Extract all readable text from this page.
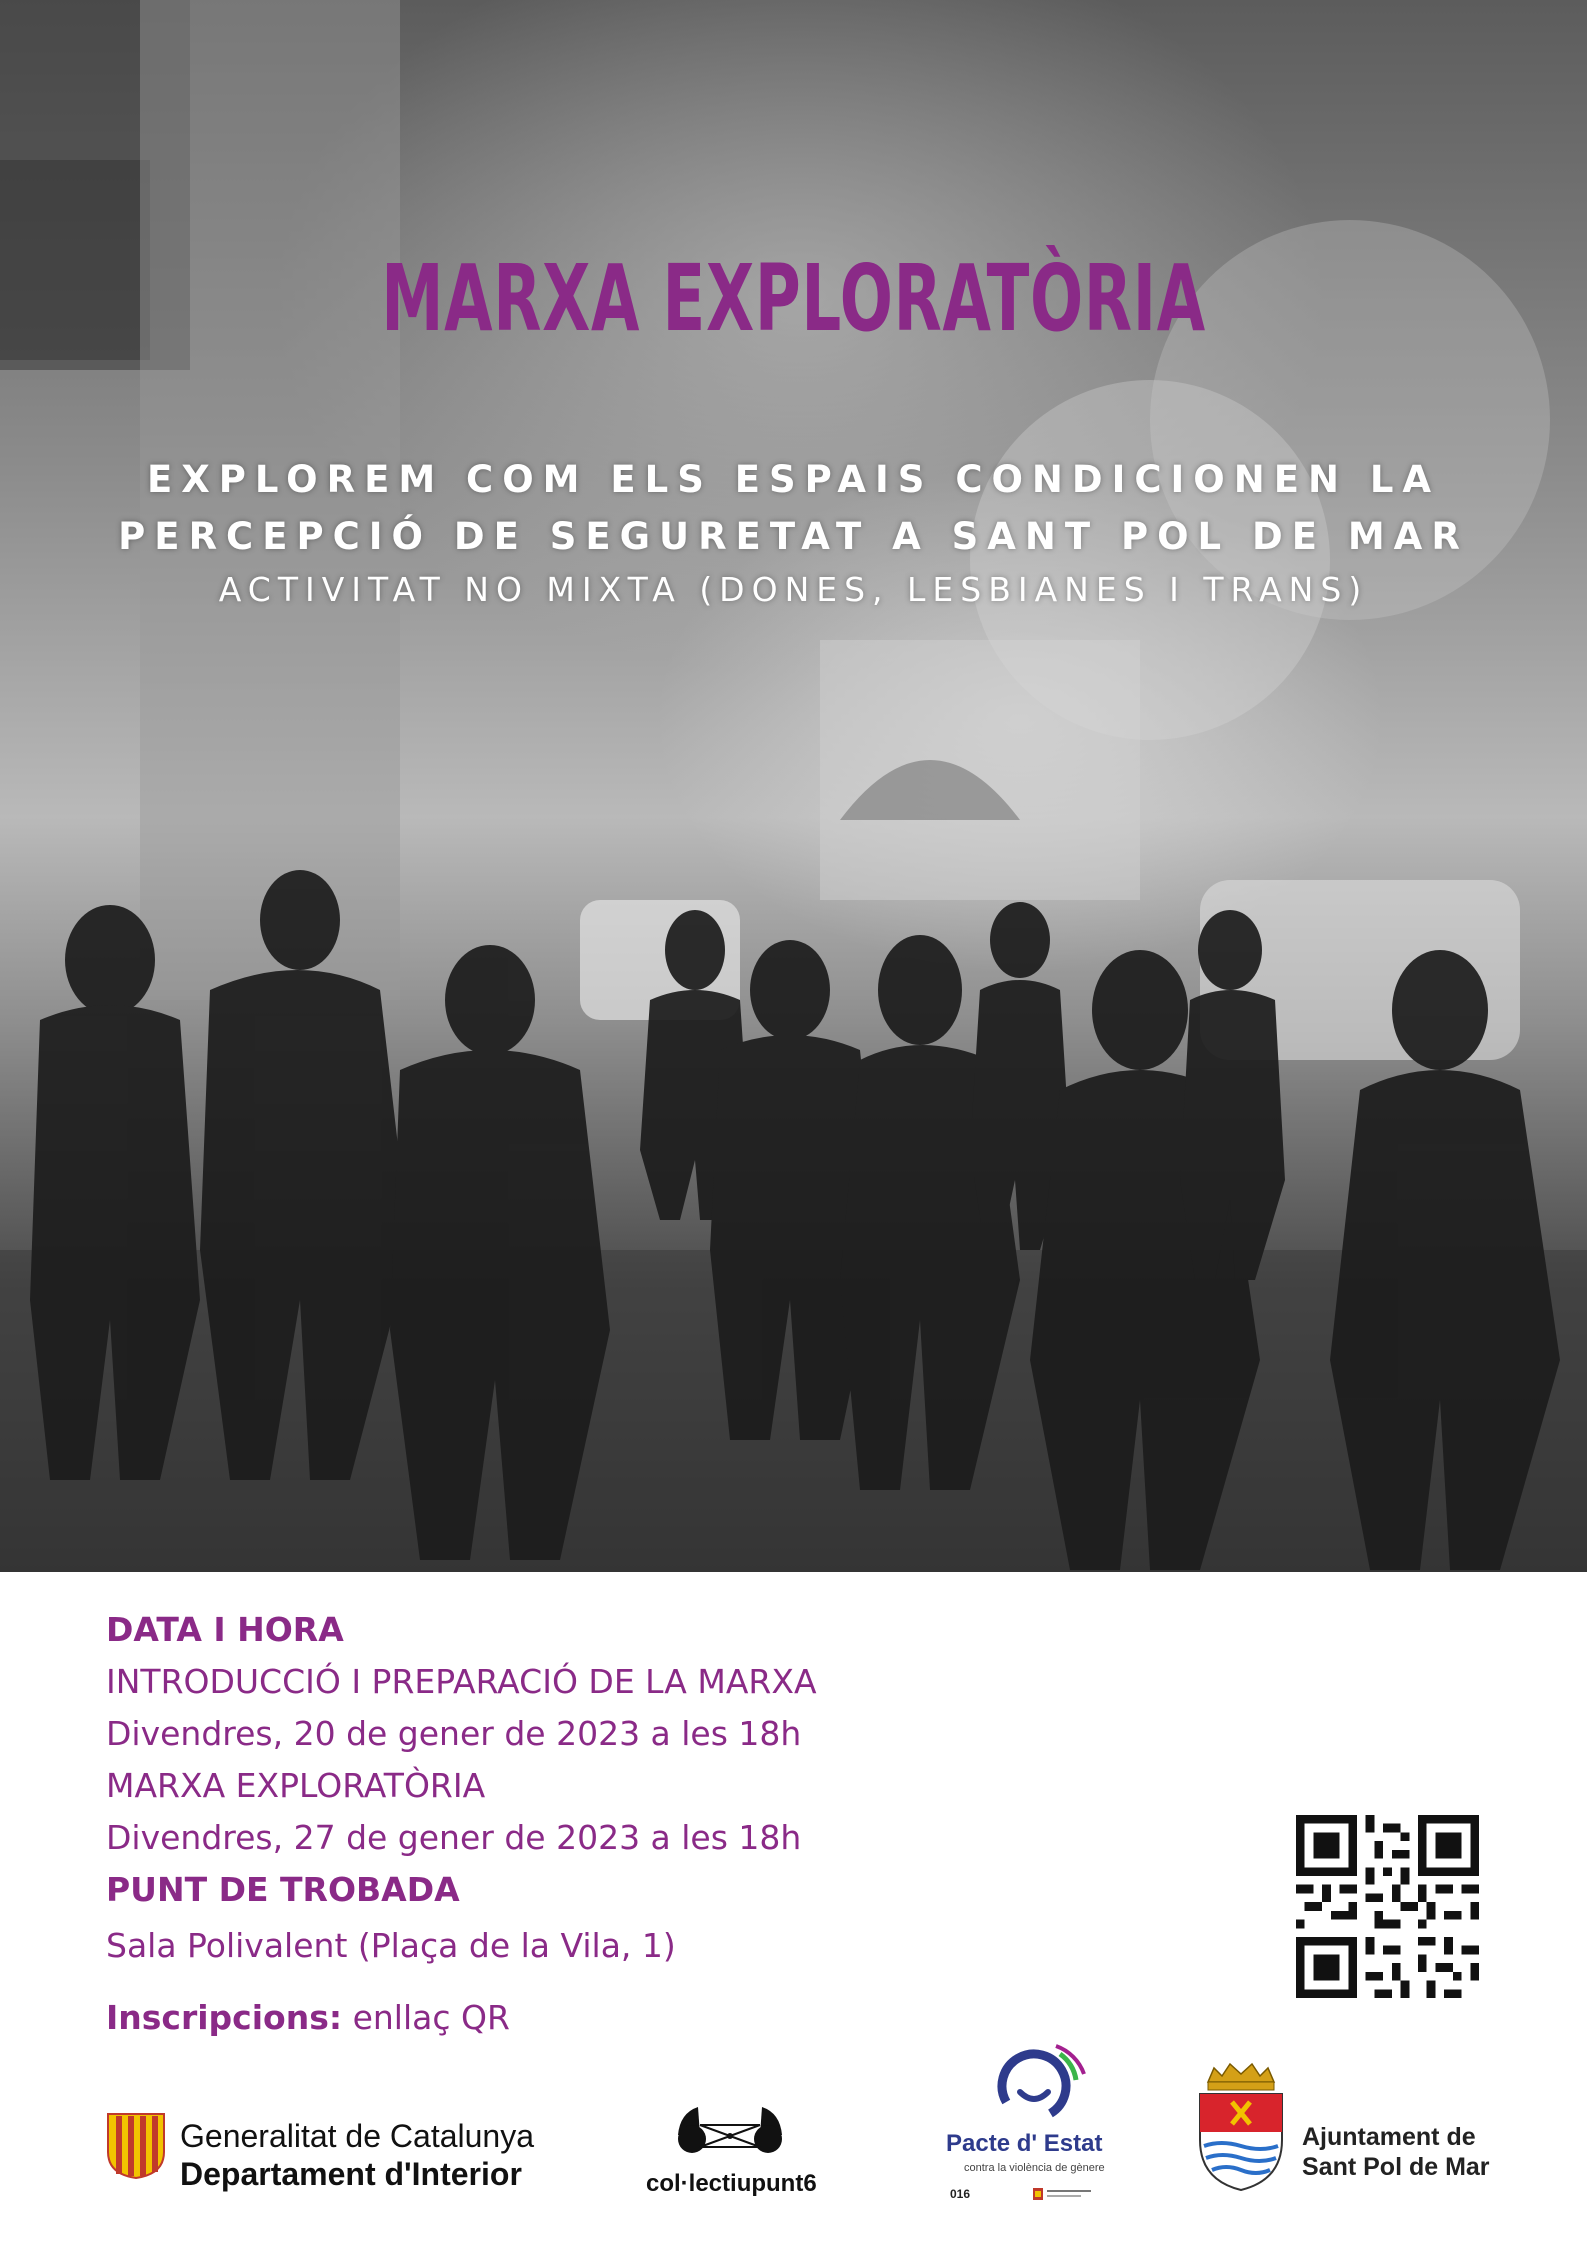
MARXA EXPLORATÒRIA

EXPLOREM COM ELS ESPAIS CONDICIONEN LA

PERCEPCIÓ DE SEGURETAT A SANT POL DE MAR

ACTIVITAT NO MIXTA (DONES, LESBIANES I TRANS)

DATA I HORA

INTRODUCCIÓ I PREPARACIÓ DE LA MARXA

Divendres, 20 de gener de 2023 a les 18h

MARXA EXPLORATÒRIA

Divendres, 27 de gener de 2023 a les 18h

PUNT DE TROBADA

Sala Polivalent (Plaça de la Vila, 1)

Inscripcions: enllaç QR

Generalitat de Catalunya

Departament d'Interior	col·lectiupunt6

Pacte d' Estat

contra la violència de gènere

016

Ajuntament de

Sant Pol de Mar
